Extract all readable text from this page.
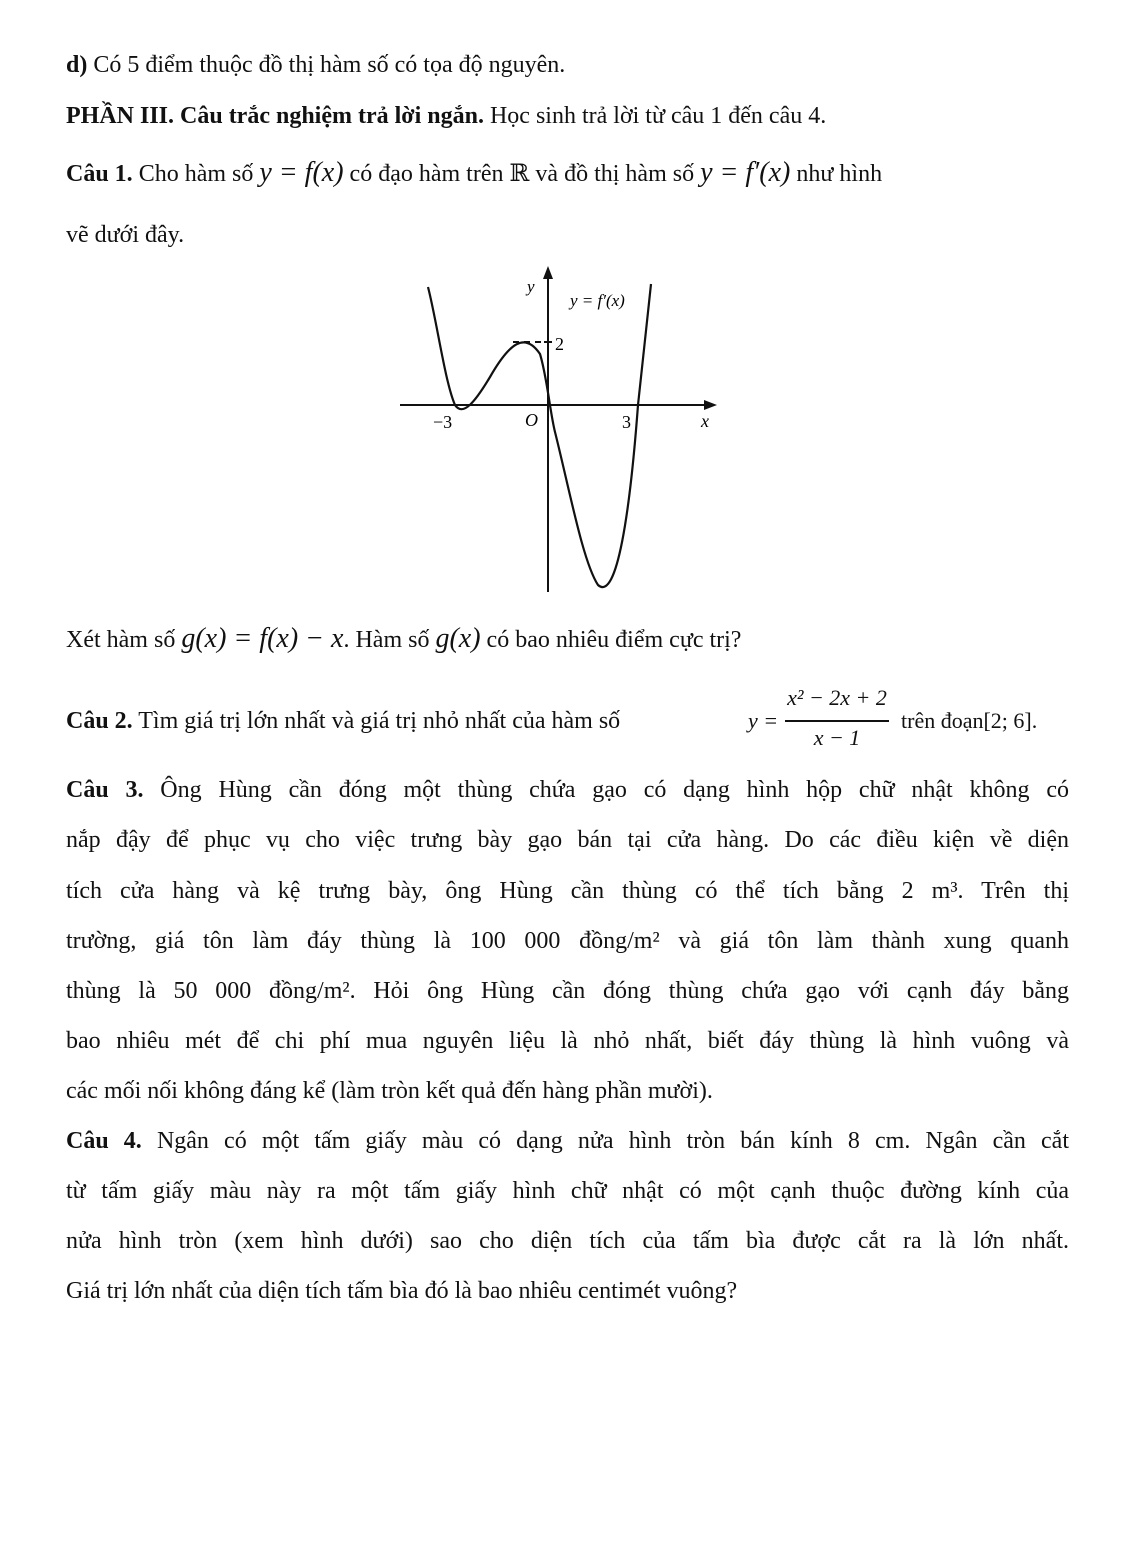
d) Có 5 điểm thuộc đồ thị hàm số có tọa độ nguyên.
PHẦN III. Câu trắc nghiệm trả lời ngắn. Học sinh trả lời từ câu 1 đến câu 4.
Câu 1. Cho hàm số y = f(x) có đạo hàm trên ℝ và đồ thị hàm số y = f′(x) như hình
vẽ dưới đây.
y
y = f′(x)
2
−3	O	3	x
Xét hàm số g(x) = f(x) − x. Hàm số g(x) có bao nhiêu điểm cực trị?
Câu 2. Tìm giá trị lớn nhất và giá trị nhỏ nhất của hàm số	y =
x² − 2x + 2
x − 1
trên đoạn[2; 6].
Câu 3. Ông Hùng cần đóng một thùng chứa gạo có dạng hình hộp chữ nhật không có
nắp đậy để phục vụ cho việc trưng bày gạo bán tại cửa hàng. Do các điều kiện về diện
tích cửa hàng và kệ trưng bày, ông Hùng cần thùng có thể tích bằng 2 m³. Trên thị
trường, giá tôn làm đáy thùng là 100 000 đồng/m² và giá tôn làm thành xung quanh
thùng là 50 000 đồng/m². Hỏi ông Hùng cần đóng thùng chứa gạo với cạnh đáy bằng
bao nhiêu mét để chi phí mua nguyên liệu là nhỏ nhất, biết đáy thùng là hình vuông và
các mối nối không đáng kể (làm tròn kết quả đến hàng phần mười).
Câu 4. Ngân có một tấm giấy màu có dạng nửa hình tròn bán kính 8 cm. Ngân cần cắt
từ tấm giấy màu này ra một tấm giấy hình chữ nhật có một cạnh thuộc đường kính của
nửa hình tròn (xem hình dưới) sao cho diện tích của tấm bìa được cắt ra là lớn nhất.
Giá trị lớn nhất của diện tích tấm bìa đó là bao nhiêu centimét vuông?
